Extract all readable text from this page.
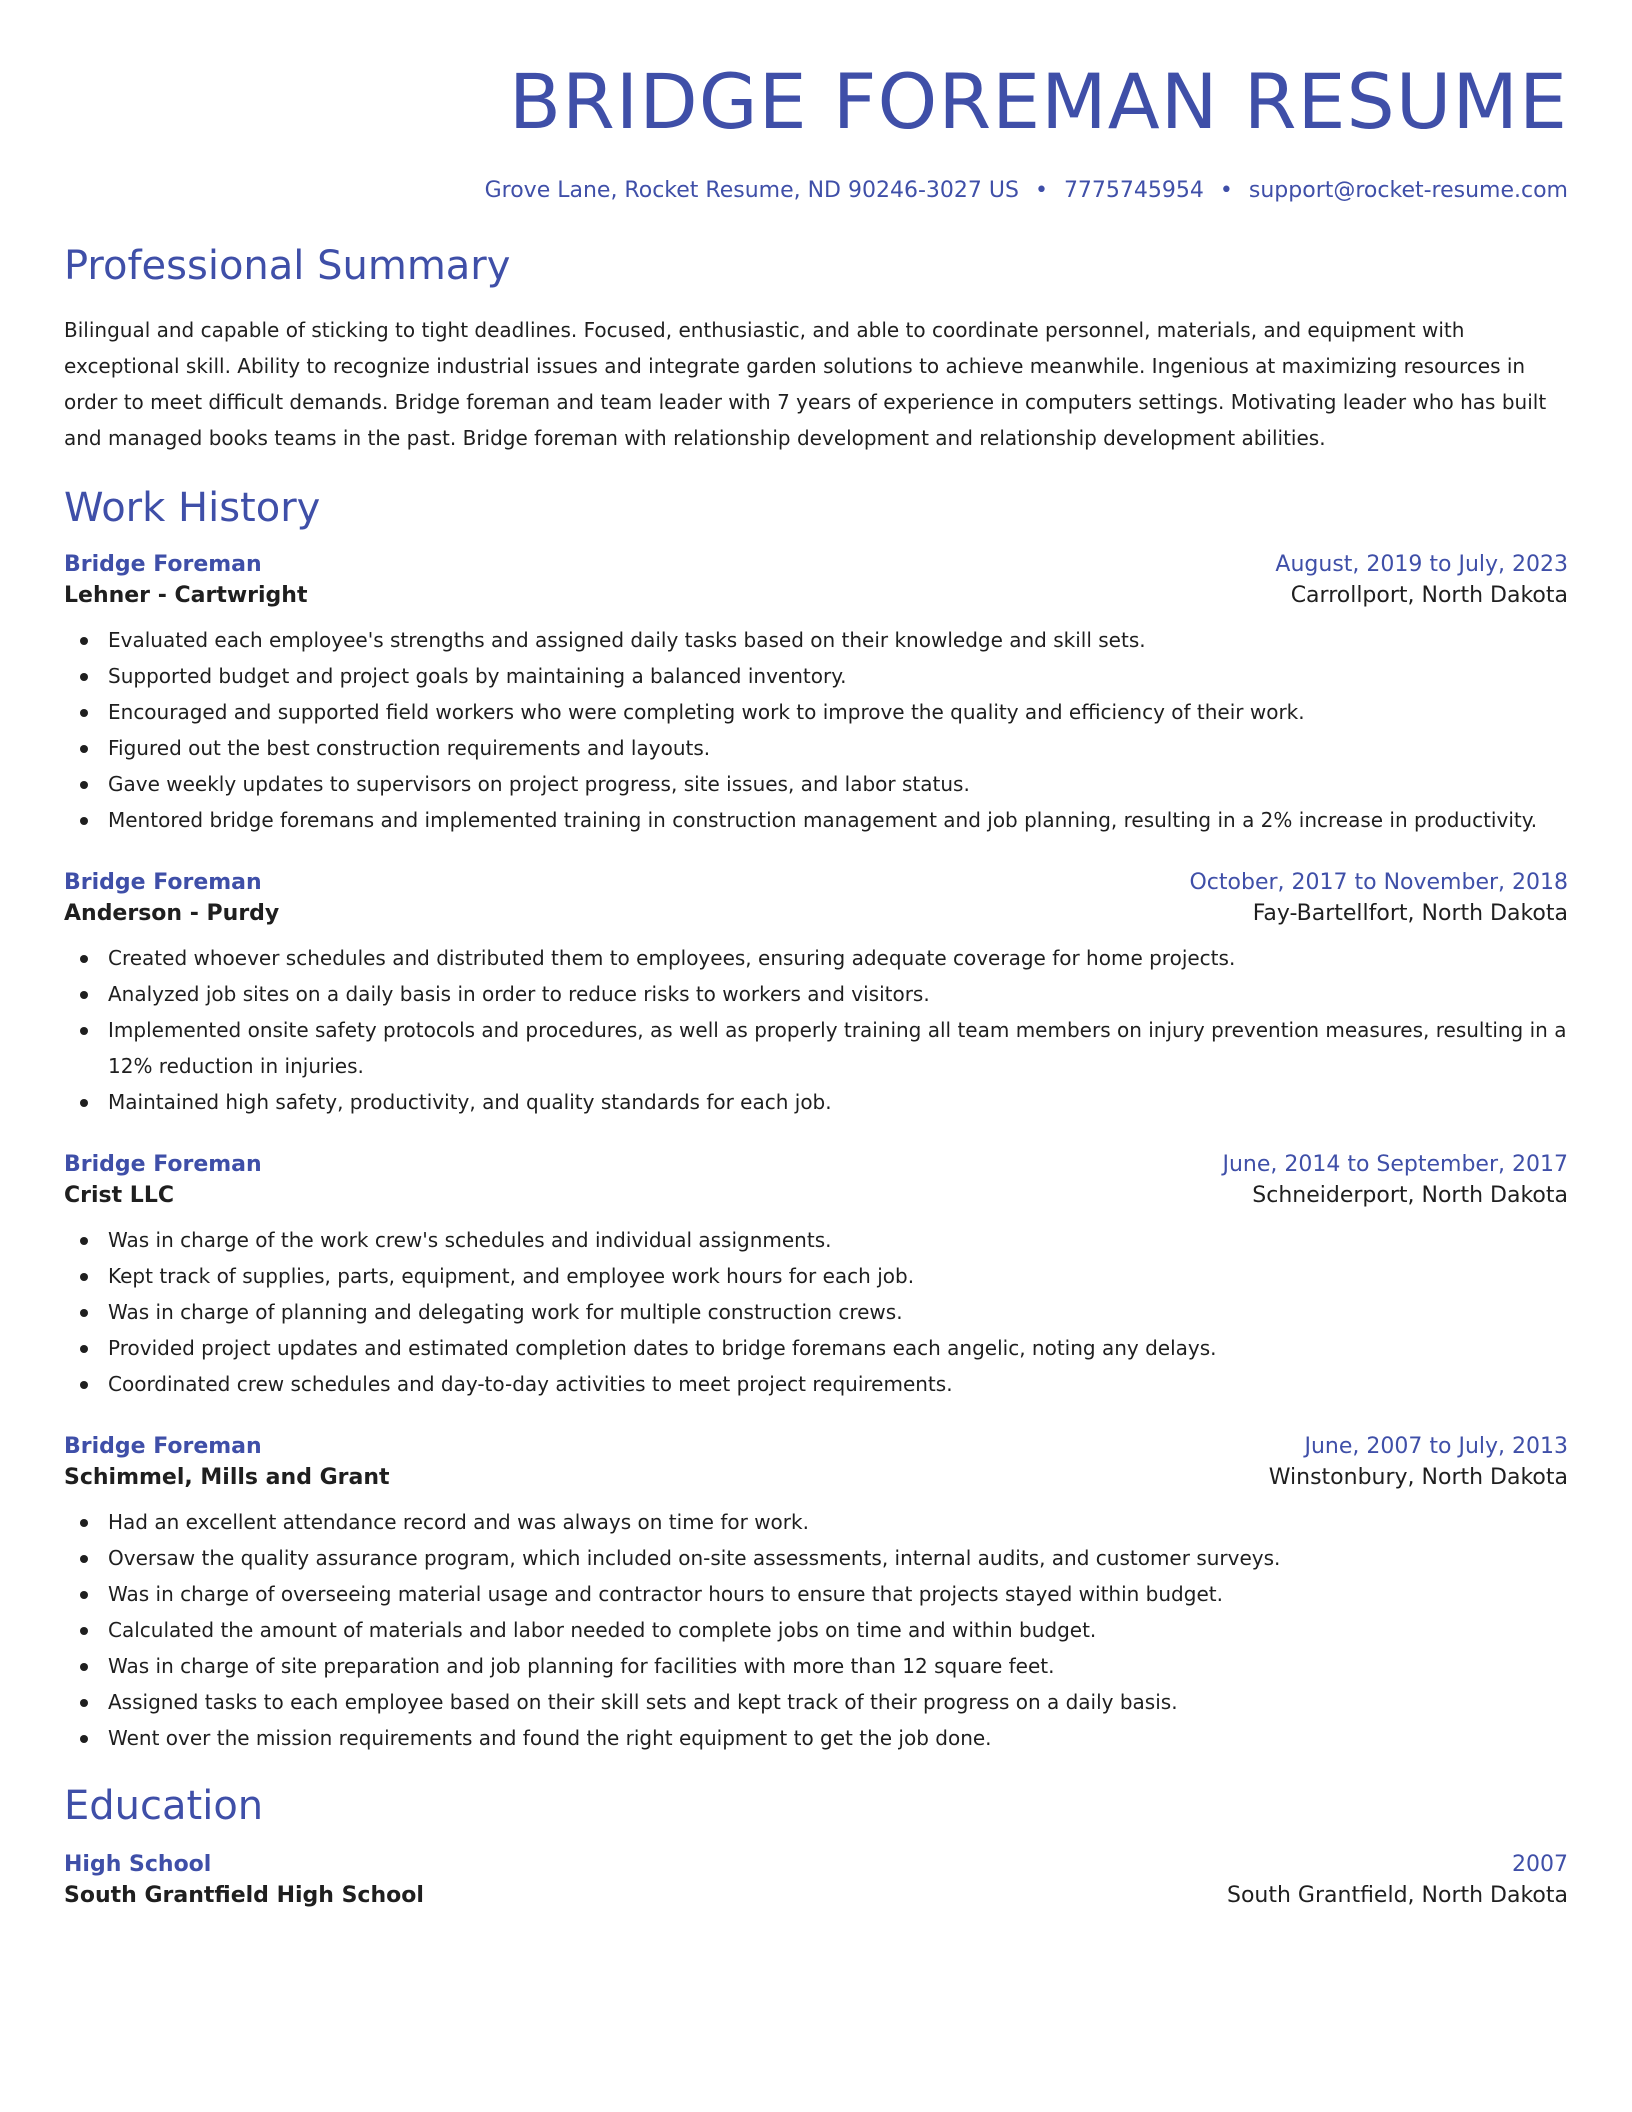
BRIDGE FOREMAN RESUME
Grove Lane, Rocket Resume, ND 90246-3027 US • 7775745954 • support@rocket-resume.com
Professional Summary

Bilingual and capable of sticking to tight deadlines. Focused, enthusiastic, and able to coordinate personnel, materials, and equipment with exceptional skill. Ability to recognize industrial issues and integrate garden solutions to achieve meanwhile. Ingenious at maximizing resources in order to meet difficult demands. Bridge foreman and team leader with 7 years of experience in computers settings. Motivating leader who has built and managed books teams in the past. Bridge foreman with relationship development and relationship development abilities.

Work History
Bridge Foreman	August, 2019 to July, 2023
Lehner - Cartwright	Carrollport, North Dakota
Evaluated each employee's strengths and assigned daily tasks based on their knowledge and skill sets.
Supported budget and project goals by maintaining a balanced inventory.
Encouraged and supported field workers who were completing work to improve the quality and efficiency of their work.
Figured out the best construction requirements and layouts.
Gave weekly updates to supervisors on project progress, site issues, and labor status.
Mentored bridge foremans and implemented training in construction management and job planning, resulting in a 2% increase in productivity.
Bridge Foreman	October, 2017 to November, 2018
Anderson - Purdy	Fay-Bartellfort, North Dakota
Created whoever schedules and distributed them to employees, ensuring adequate coverage for home projects.
Analyzed job sites on a daily basis in order to reduce risks to workers and visitors.
Implemented onsite safety protocols and procedures, as well as properly training all team members on injury prevention measures, resulting in a 12% reduction in injuries.
Maintained high safety, productivity, and quality standards for each job.
Bridge Foreman	June, 2014 to September, 2017
Crist LLC	Schneiderport, North Dakota
Was in charge of the work crew's schedules and individual assignments.
Kept track of supplies, parts, equipment, and employee work hours for each job.
Was in charge of planning and delegating work for multiple construction crews.
Provided project updates and estimated completion dates to bridge foremans each angelic, noting any delays.
Coordinated crew schedules and day-to-day activities to meet project requirements.
Bridge Foreman	June, 2007 to July, 2013
Schimmel, Mills and Grant	Winstonbury, North Dakota
Had an excellent attendance record and was always on time for work.
Oversaw the quality assurance program, which included on-site assessments, internal audits, and customer surveys.
Was in charge of overseeing material usage and contractor hours to ensure that projects stayed within budget.
Calculated the amount of materials and labor needed to complete jobs on time and within budget.
Was in charge of site preparation and job planning for facilities with more than 12 square feet.
Assigned tasks to each employee based on their skill sets and kept track of their progress on a daily basis.
Went over the mission requirements and found the right equipment to get the job done.
Education
High School	2007
South Grantfield High School	South Grantfield, North Dakota
